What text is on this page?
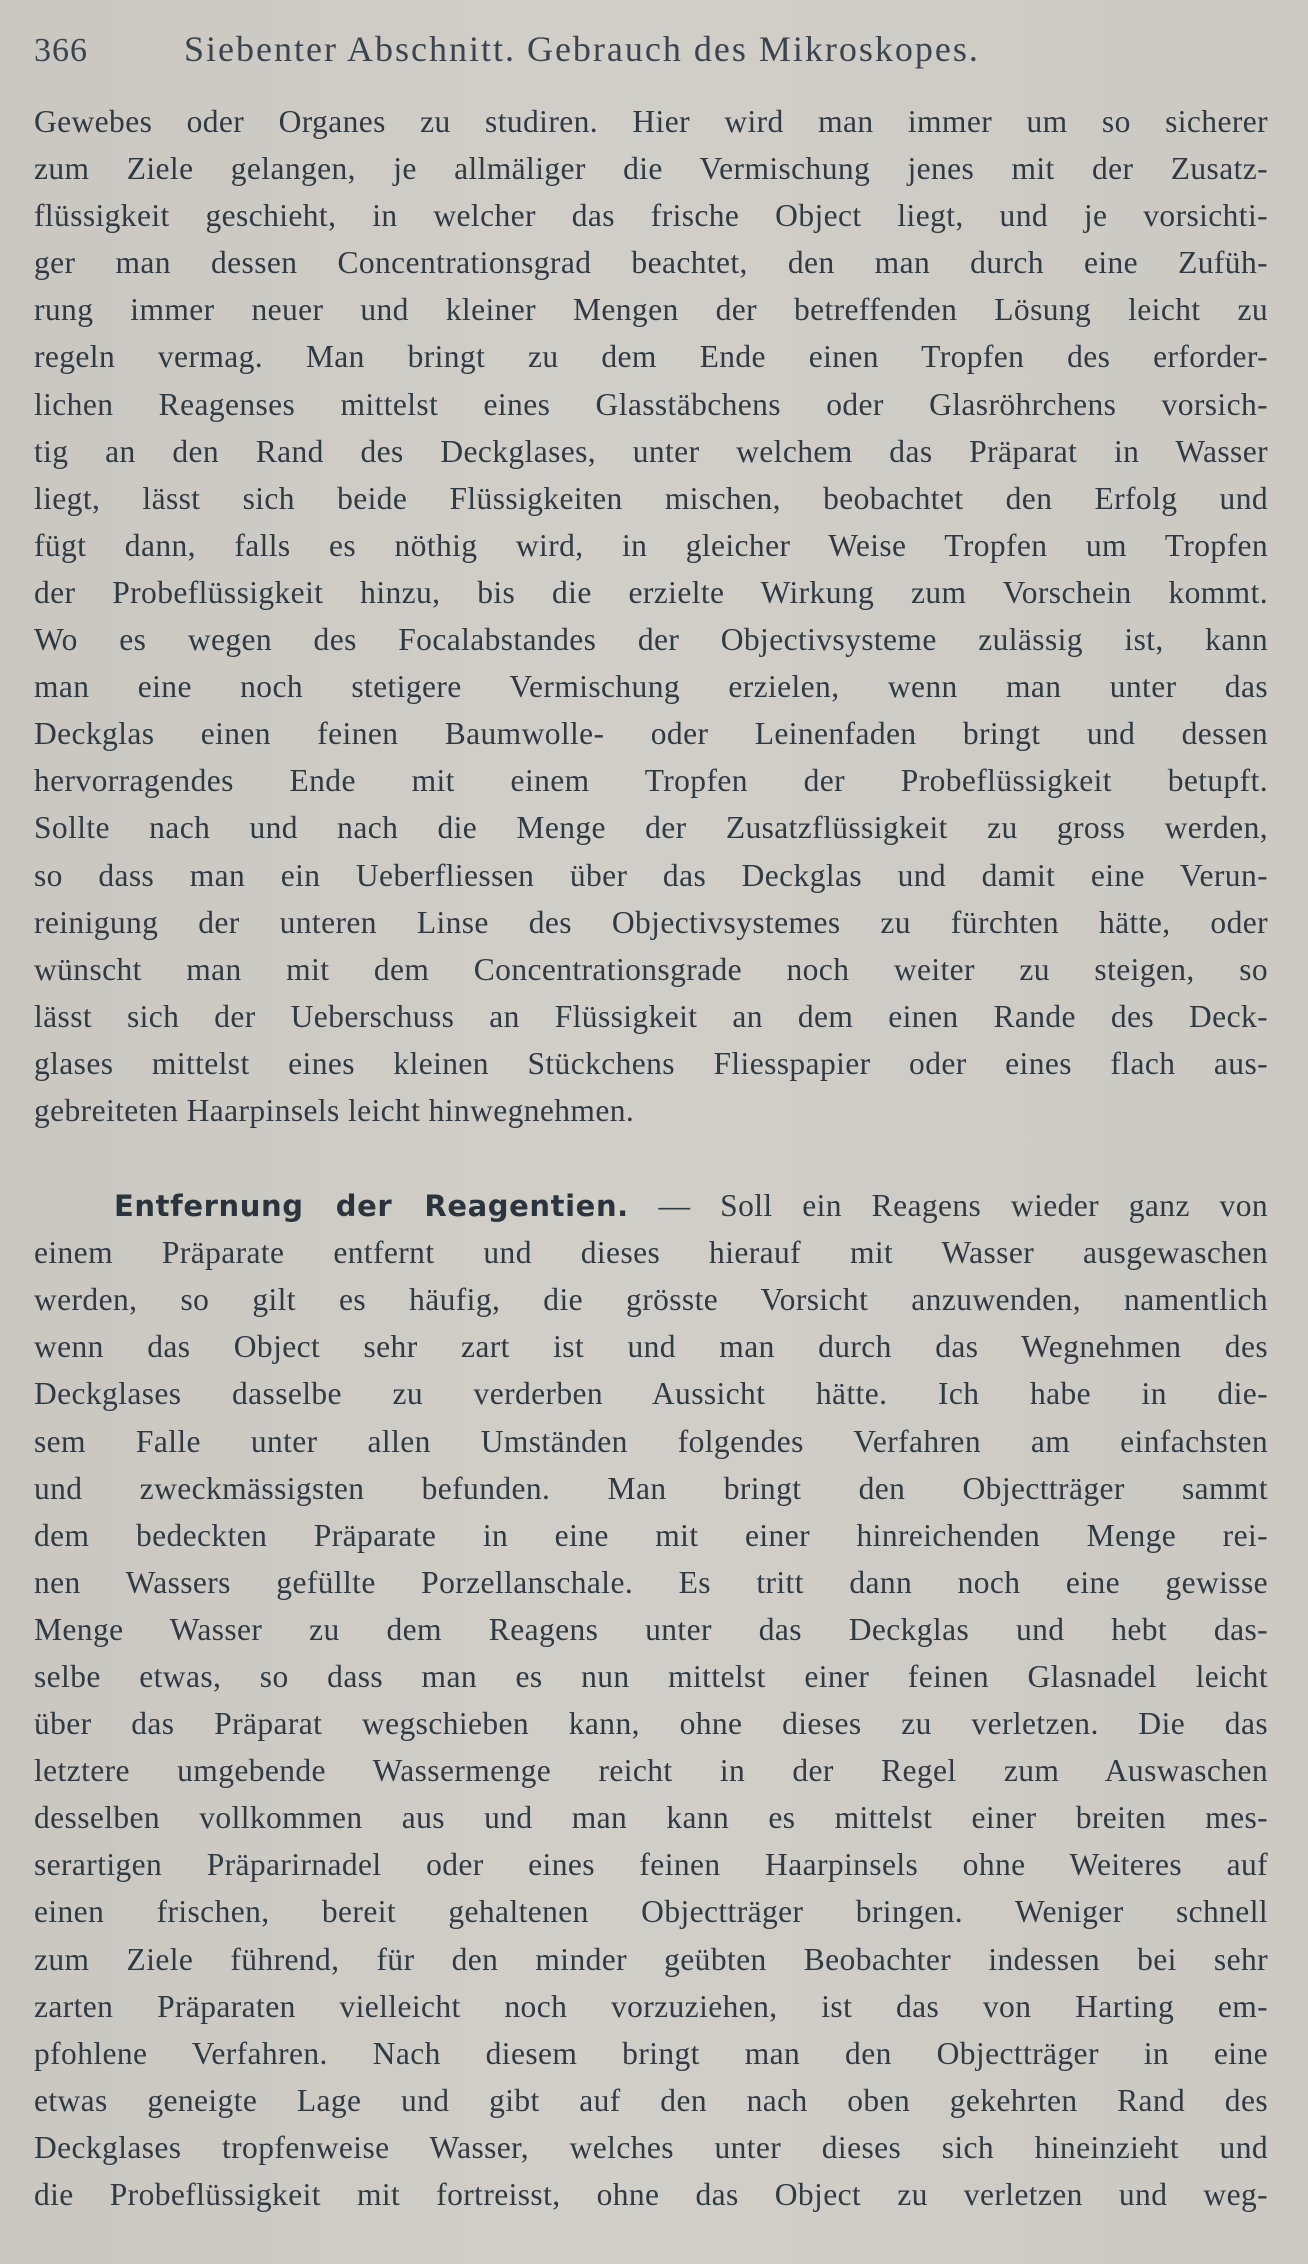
366	Siebenter Abschnitt. Gebrauch des Mikroskopes.
Gewebes oder Organes zu studiren. Hier wird man immer um so sicherer
zum Ziele gelangen, je allmäliger die Vermischung jenes mit der Zusatz-
flüssigkeit geschieht, in welcher das frische Object liegt, und je vorsichti-
ger man dessen Concentrationsgrad beachtet, den man durch eine Zufüh-
rung immer neuer und kleiner Mengen der betreffenden Lösung leicht zu
regeln vermag. Man bringt zu dem Ende einen Tropfen des erforder-
lichen Reagenses mittelst eines Glasstäbchens oder Glasröhrchens vorsich-
tig an den Rand des Deckglases, unter welchem das Präparat in Wasser
liegt, lässt sich beide Flüssigkeiten mischen, beobachtet den Erfolg und
fügt dann, falls es nöthig wird, in gleicher Weise Tropfen um Tropfen
der Probeflüssigkeit hinzu, bis die erzielte Wirkung zum Vorschein kommt.
Wo es wegen des Focalabstandes der Objectivsysteme zulässig ist, kann
man eine noch stetigere Vermischung erzielen, wenn man unter das
Deckglas einen feinen Baumwolle- oder Leinenfaden bringt und dessen
hervorragendes Ende mit einem Tropfen der Probeflüssigkeit betupft.
Sollte nach und nach die Menge der Zusatzflüssigkeit zu gross werden,
so dass man ein Ueberfliessen über das Deckglas und damit eine Verun-
reinigung der unteren Linse des Objectivsystemes zu fürchten hätte, oder
wünscht man mit dem Concentrationsgrade noch weiter zu steigen, so
lässt sich der Ueberschuss an Flüssigkeit an dem einen Rande des Deck-
glases mittelst eines kleinen Stückchens Fliesspapier oder eines flach aus-
gebreiteten Haarpinsels leicht hinwegnehmen.
Entfernung der Reagentien. — Soll ein Reagens wieder ganz von
einem Präparate entfernt und dieses hierauf mit Wasser ausgewaschen
werden, so gilt es häufig, die grösste Vorsicht anzuwenden, namentlich
wenn das Object sehr zart ist und man durch das Wegnehmen des
Deckglases dasselbe zu verderben Aussicht hätte. Ich habe in die-
sem Falle unter allen Umständen folgendes Verfahren am einfachsten
und zweckmässigsten befunden. Man bringt den Objectträger sammt
dem bedeckten Präparate in eine mit einer hinreichenden Menge rei-
nen Wassers gefüllte Porzellanschale. Es tritt dann noch eine gewisse
Menge Wasser zu dem Reagens unter das Deckglas und hebt das-
selbe etwas, so dass man es nun mittelst einer feinen Glasnadel leicht
über das Präparat wegschieben kann, ohne dieses zu verletzen. Die das
letztere umgebende Wassermenge reicht in der Regel zum Auswaschen
desselben vollkommen aus und man kann es mittelst einer breiten mes-
serartigen Präparirnadel oder eines feinen Haarpinsels ohne Weiteres auf
einen frischen, bereit gehaltenen Objectträger bringen. Weniger schnell
zum Ziele führend, für den minder geübten Beobachter indessen bei sehr
zarten Präparaten vielleicht noch vorzuziehen, ist das von Harting em-
pfohlene Verfahren. Nach diesem bringt man den Objectträger in eine
etwas geneigte Lage und gibt auf den nach oben gekehrten Rand des
Deckglases tropfenweise Wasser, welches unter dieses sich hineinzieht und
die Probeflüssigkeit mit fortreisst, ohne das Object zu verletzen und weg-
